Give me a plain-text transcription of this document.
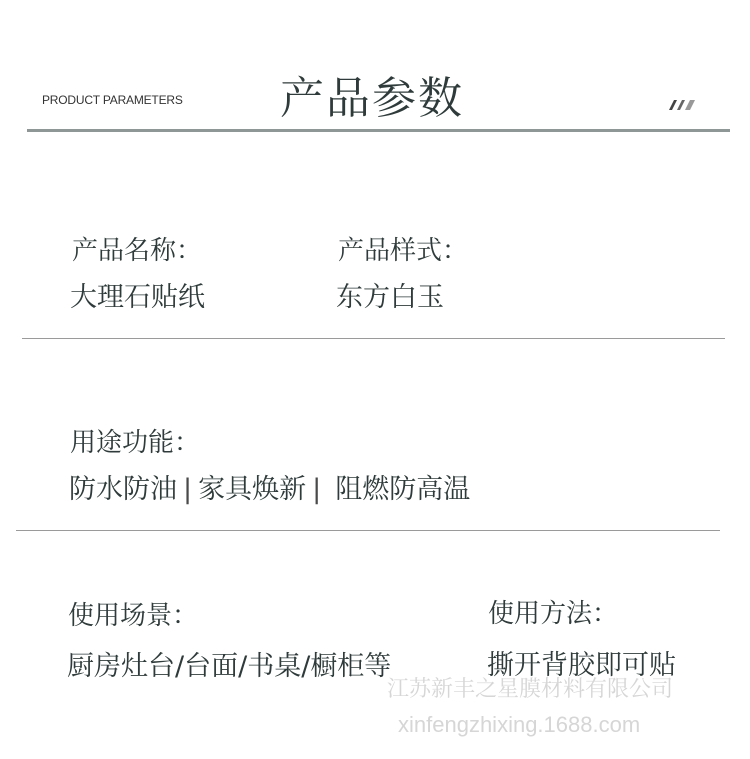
PRODUCT PARAMETERS 产品参数
产品名称：
大理石贴纸
产品样式：
东方白玉
用途功能：
防水防油 | 家具焕新 | 阻燃防高温
使用场景：
厨房灶台/台面/书桌/橱柜等
使用方法：
撕开背胶即可贴
江苏新丰之星膜材料有限公司
xinfengzhixing.1688.com
